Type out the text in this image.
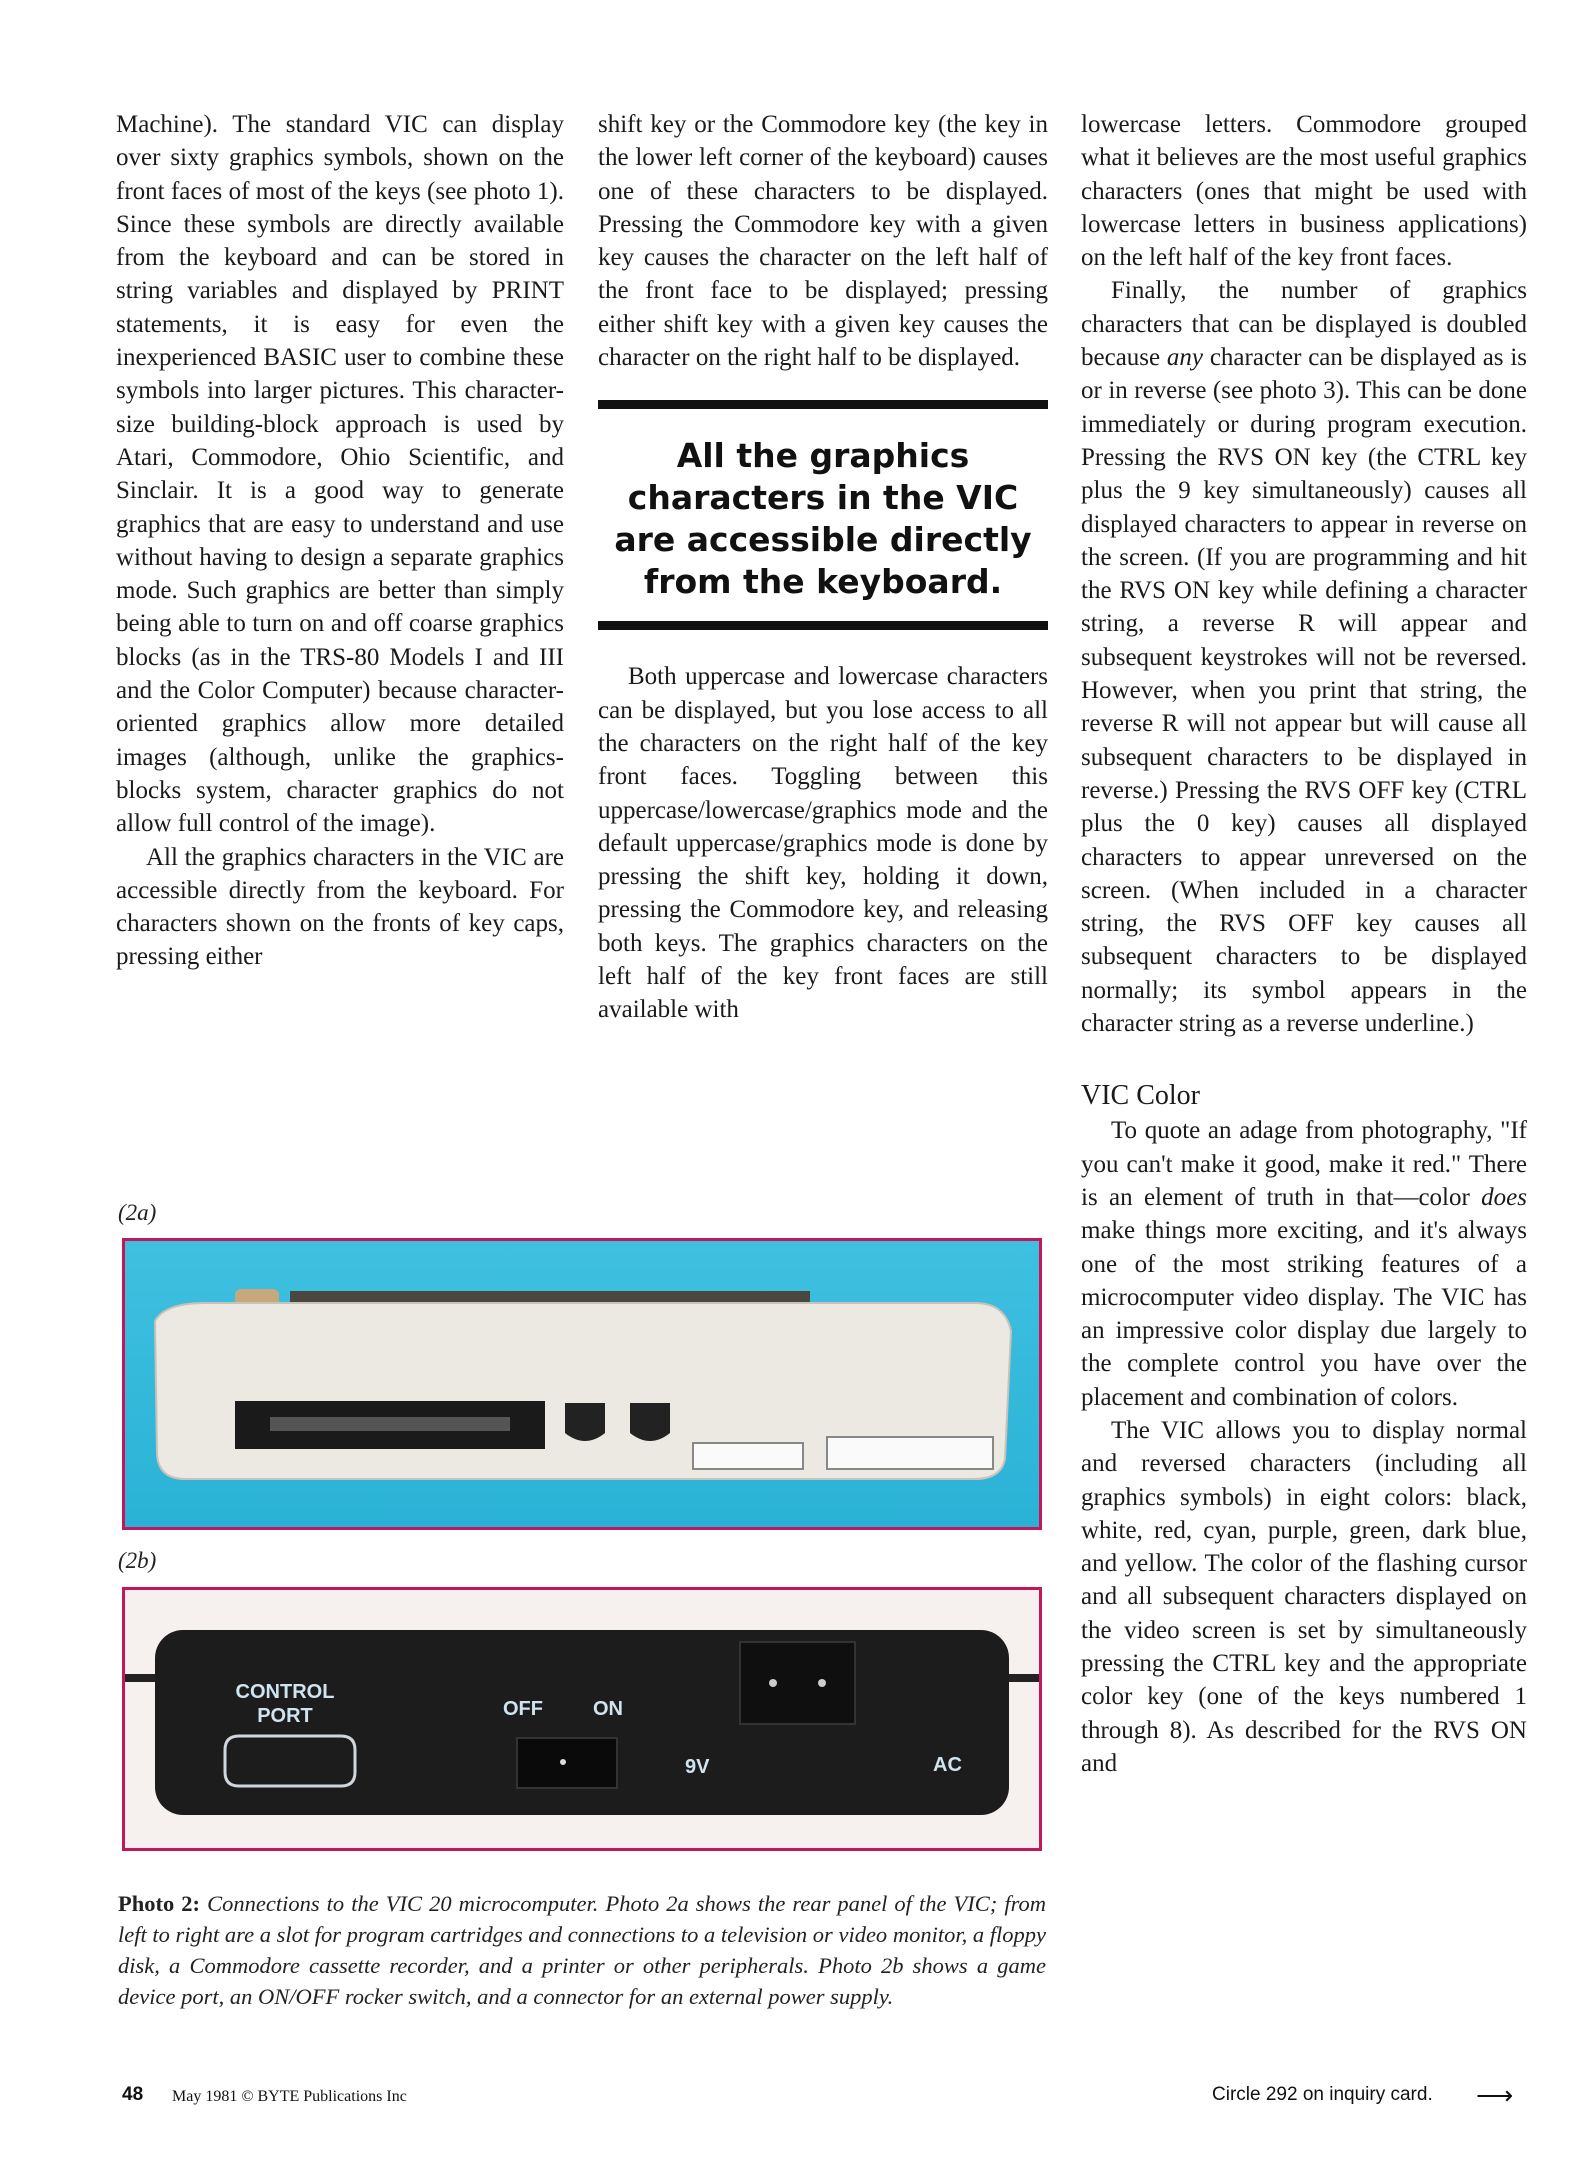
Machine). The standard VIC can display over sixty graphics symbols, shown on the front faces of most of the keys (see photo 1). Since these symbols are directly available from the keyboard and can be stored in string variables and displayed by PRINT statements, it is easy for even the inexperienced BASIC user to combine these symbols into larger pictures. This character-size building-block approach is used by Atari, Commodore, Ohio Scientific, and Sinclair. It is a good way to generate graphics that are easy to understand and use without having to design a separate graphics mode. Such graphics are better than simply being able to turn on and off coarse graphics blocks (as in the TRS-80 Models I and III and the Color Computer) because character-oriented graphics allow more detailed images (although, unlike the graphics-blocks system, character graphics do not allow full control of the image).

All the graphics characters in the VIC are accessible directly from the keyboard. For characters shown on the fronts of key caps, pressing either

shift key or the Commodore key (the key in the lower left corner of the keyboard) causes one of these characters to be displayed. Pressing the Commodore key with a given key causes the character on the left half of the front face to be displayed; pressing either shift key with a given key causes the character on the right half to be displayed.

All the graphics characters in the VIC are accessible directly from the keyboard.

Both uppercase and lowercase characters can be displayed, but you lose access to all the characters on the right half of the key front faces. Toggling between this uppercase/lowercase/graphics mode and the default uppercase/graphics mode is done by pressing the shift key, holding it down, pressing the Commodore key, and releasing both keys. The graphics characters on the left half of the key front faces are still available with

lowercase letters. Commodore grouped what it believes are the most useful graphics characters (ones that might be used with lowercase letters in business applications) on the left half of the key front faces.

Finally, the number of graphics characters that can be displayed is doubled because any character can be displayed as is or in reverse (see photo 3). This can be done immediately or during program execution. Pressing the RVS ON key (the CTRL key plus the 9 key simultaneously) causes all displayed characters to appear in reverse on the screen. (If you are programming and hit the RVS ON key while defining a character string, a reverse R will appear and subsequent keystrokes will not be reversed. However, when you print that string, the reverse R will not appear but will cause all subsequent characters to be displayed in reverse.) Pressing the RVS OFF key (CTRL plus the 0 key) causes all displayed characters to appear unreversed on the screen. (When included in a character string, the RVS OFF key causes all subsequent characters to be displayed normally; its symbol appears in the character string as a reverse underline.)

VIC Color

To quote an adage from photography, "If you can't make it good, make it red." There is an element of truth in that—color does make things more exciting, and it's always one of the most striking features of a microcomputer video display. The VIC has an impressive color display due largely to the complete control you have over the placement and combination of colors.

The VIC allows you to display normal and reversed characters (including all graphics symbols) in eight colors: black, white, red, cyan, purple, green, dark blue, and yellow. The color of the flashing cursor and all subsequent characters displayed on the video screen is set by simultaneously pressing the CTRL key and the appropriate color key (one of the keys numbered 1 through 8). As described for the RVS ON and

(2a)
(2b)
CONTROL PORT	OFF	ON
9V	AC
Photo 2: Connections to the VIC 20 microcomputer. Photo 2a shows the rear panel of the VIC; from left to right are a slot for program cartridges and connections to a television or video monitor, a floppy disk, a Commodore cassette recorder, and a printer or other peripherals. Photo 2b shows a game device port, an ON/OFF rocker switch, and a connector for an external power supply.
48 May 1981 © BYTE Publications Inc	Circle 292 on inquiry card. ⟶
